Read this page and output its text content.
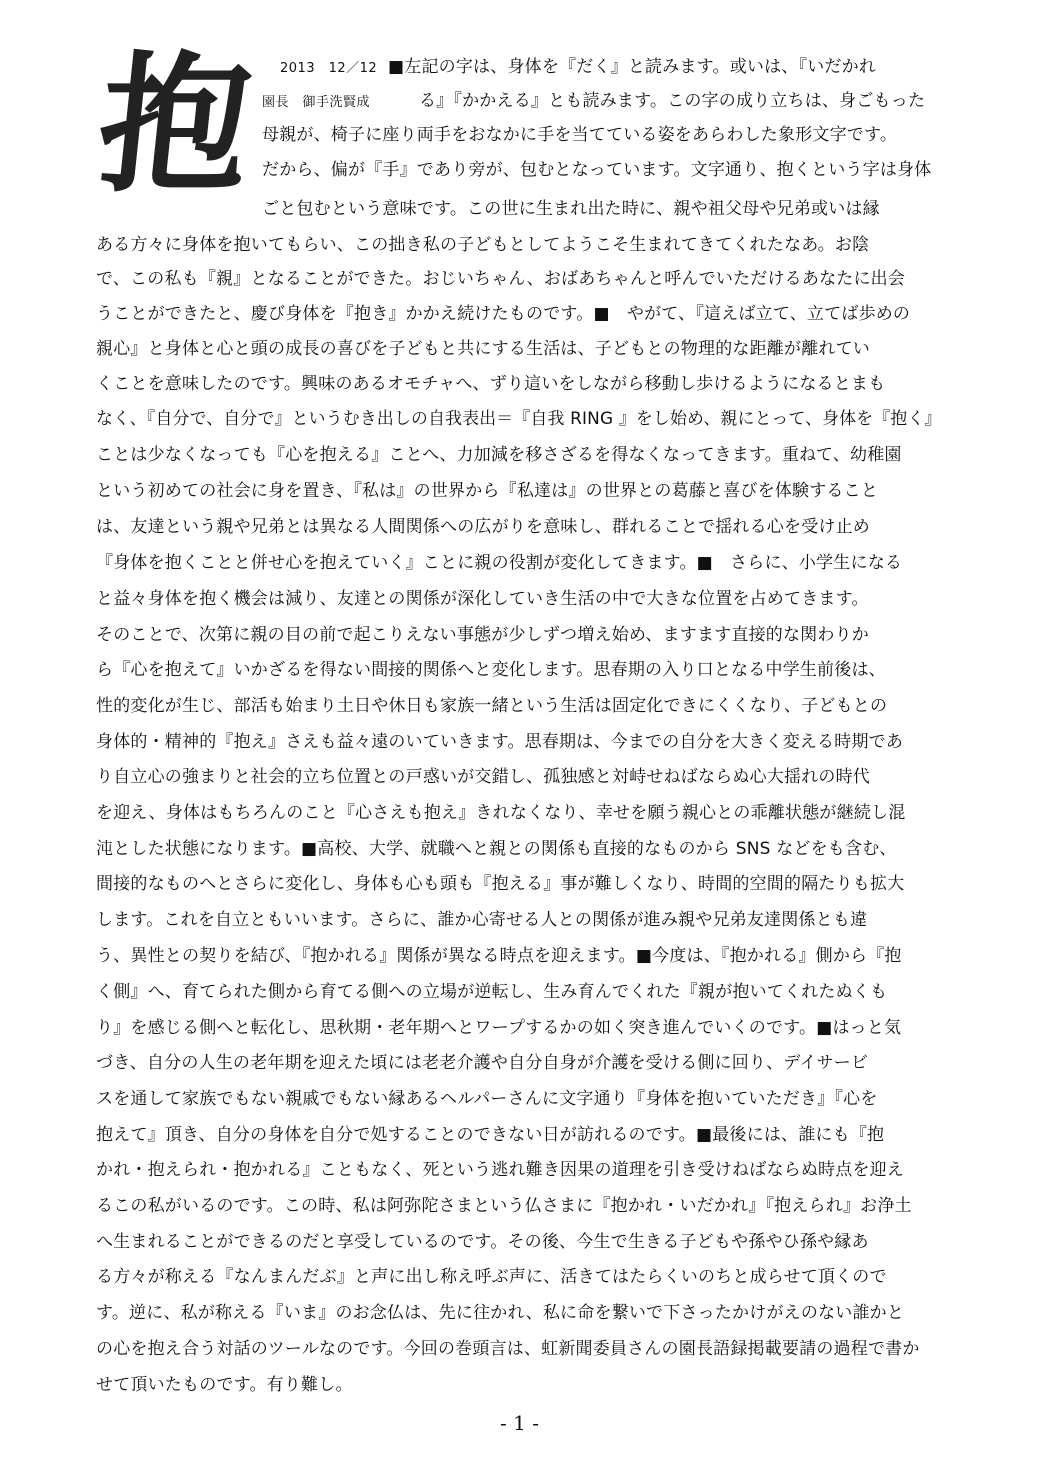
抱	2013　12／12 ■左記の字は、身体を『だく』と読みます。或いは、『いだかれ
園長　御手洗賢成	る』『かかえる』とも読みます。この字の成り立ちは、身ごもった
母親が、椅子に座り両手をおなかに手を当てている姿をあらわした象形文字です。
だから、偏が『手』であり旁が、包むとなっています。文字通り、抱くという字は身体
ごと包むという意味です。この世に生まれ出た時に、親や祖父母や兄弟或いは縁
ある方々に身体を抱いてもらい、この拙き私の子どもとしてようこそ生まれてきてくれたなあ。お陰
で、この私も『親』となることができた。おじいちゃん、おばあちゃんと呼んでいただけるあなたに出会
うことができたと、慶び身体を『抱き』かかえ続けたものです。■　やがて、『這えば立て、立てば歩めの
親心』と身体と心と頭の成長の喜びを子どもと共にする生活は、子どもとの物理的な距離が離れてい
くことを意味したのです。興味のあるオモチャへ、ずり這いをしながら移動し歩けるようになるとまも
なく、『自分で、自分で』というむき出しの自我表出＝『自我 RING 』をし始め、親にとって、身体を『抱く』
ことは少なくなっても『心を抱える』ことへ、力加減を移さざるを得なくなってきます。重ねて、幼稚園
という初めての社会に身を置き、『私は』の世界から『私達は』の世界との葛藤と喜びを体験すること
は、友達という親や兄弟とは異なる人間関係への広がりを意味し、群れることで揺れる心を受け止め
『身体を抱くことと併せ心を抱えていく』ことに親の役割が変化してきます。■　さらに、小学生になる
と益々身体を抱く機会は減り、友達との関係が深化していき生活の中で大きな位置を占めてきます。
そのことで、次第に親の目の前で起こりえない事態が少しずつ増え始め、ますます直接的な関わりか
ら『心を抱えて』いかざるを得ない間接的関係へと変化します。思春期の入り口となる中学生前後は、
性的変化が生じ、部活も始まり土日や休日も家族一緒という生活は固定化できにくくなり、子どもとの
身体的・精神的『抱え』さえも益々遠のいていきます。思春期は、今までの自分を大きく変える時期であ
り自立心の強まりと社会的立ち位置との戸惑いが交錯し、孤独感と対峙せねばならぬ心大揺れの時代
を迎え、身体はもちろんのこと『心さえも抱え』きれなくなり、幸せを願う親心との乖離状態が継続し混
沌とした状態になります。■高校、大学、就職へと親との関係も直接的なものから SNS などをも含む、
間接的なものへとさらに変化し、身体も心も頭も『抱える』事が難しくなり、時間的空間的隔たりも拡大
します。これを自立ともいいます。さらに、誰か心寄せる人との関係が進み親や兄弟友達関係とも違
う、異性との契りを結び、『抱かれる』関係が異なる時点を迎えます。■今度は、『抱かれる』側から『抱
く側』へ、育てられた側から育てる側への立場が逆転し、生み育んでくれた『親が抱いてくれたぬくも
り』を感じる側へと転化し、思秋期・老年期へとワープするかの如く突き進んでいくのです。■はっと気
づき、自分の人生の老年期を迎えた頃には老老介護や自分自身が介護を受ける側に回り、デイサービ
スを通して家族でもない親戚でもない縁あるヘルパーさんに文字通り『身体を抱いていただき』『心を
抱えて』頂き、自分の身体を自分で処することのできない日が訪れるのです。■最後には、誰にも『抱
かれ・抱えられ・抱かれる』こともなく、死という逃れ難き因果の道理を引き受けねばならぬ時点を迎え
るこの私がいるのです。この時、私は阿弥陀さまという仏さまに『抱かれ・いだかれ』『抱えられ』お浄土
へ生まれることができるのだと享受しているのです。その後、今生で生きる子どもや孫やひ孫や縁あ
る方々が称える『なんまんだぶ』と声に出し称え呼ぶ声に、活きてはたらくいのちと成らせて頂くので
す。逆に、私が称える『いま』のお念仏は、先に往かれ、私に命を繋いで下さったかけがえのない誰かと
の心を抱え合う対話のツールなのです。今回の巻頭言は、虹新聞委員さんの園長語録掲載要請の過程で書か
せて頂いたものです。有り難し。
- 1 -
